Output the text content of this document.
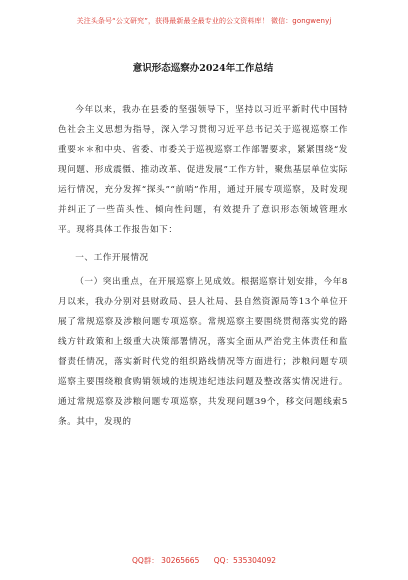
关注头条号“公文研究”，获得最新最全最专业的公文资料库！ 微信：gongwenyj
意识形态巡察办2024年工作总结

今年以来，我办在县委的坚强领导下，坚持以习近平新时代中国特色社会主义思想为指导，深入学习贯彻习近平总书记关于巡视巡察工作重要＊＊和中央、省委、市委关于巡视巡察工作部署要求，紧紧围绕“发现问题、形成震慑、推动改革、促进发展”工作方针，聚焦基层单位实际运行情况，充分发挥“探头”“前哨”作用，通过开展专项巡察，及时发现并纠正了一些苗头性、倾向性问题，有效提升了意识形态领域管理水平。现将具体工作报告如下：

一、工作开展情况

（一）突出重点，在开展巡察上见成效。根据巡察计划安排，今年8月以来，我办分别对县财政局、县人社局、县自然资源局等13个单位开展了常规巡察及涉粮问题专项巡察。常规巡察主要围绕贯彻落实党的路线方针政策和上级重大决策部署情况，落实全面从严治党主体责任和监督责任情况，落实新时代党的组织路线情况等方面进行；涉粮问题专项巡察主要围绕粮食购销领域的违规违纪违法问题及整改落实情况进行。通过常规巡察及涉粮问题专项巡察，共发现问题39个，移交问题线索5条。其中，发现的

QQ群： 30265665 QQ：535304092
